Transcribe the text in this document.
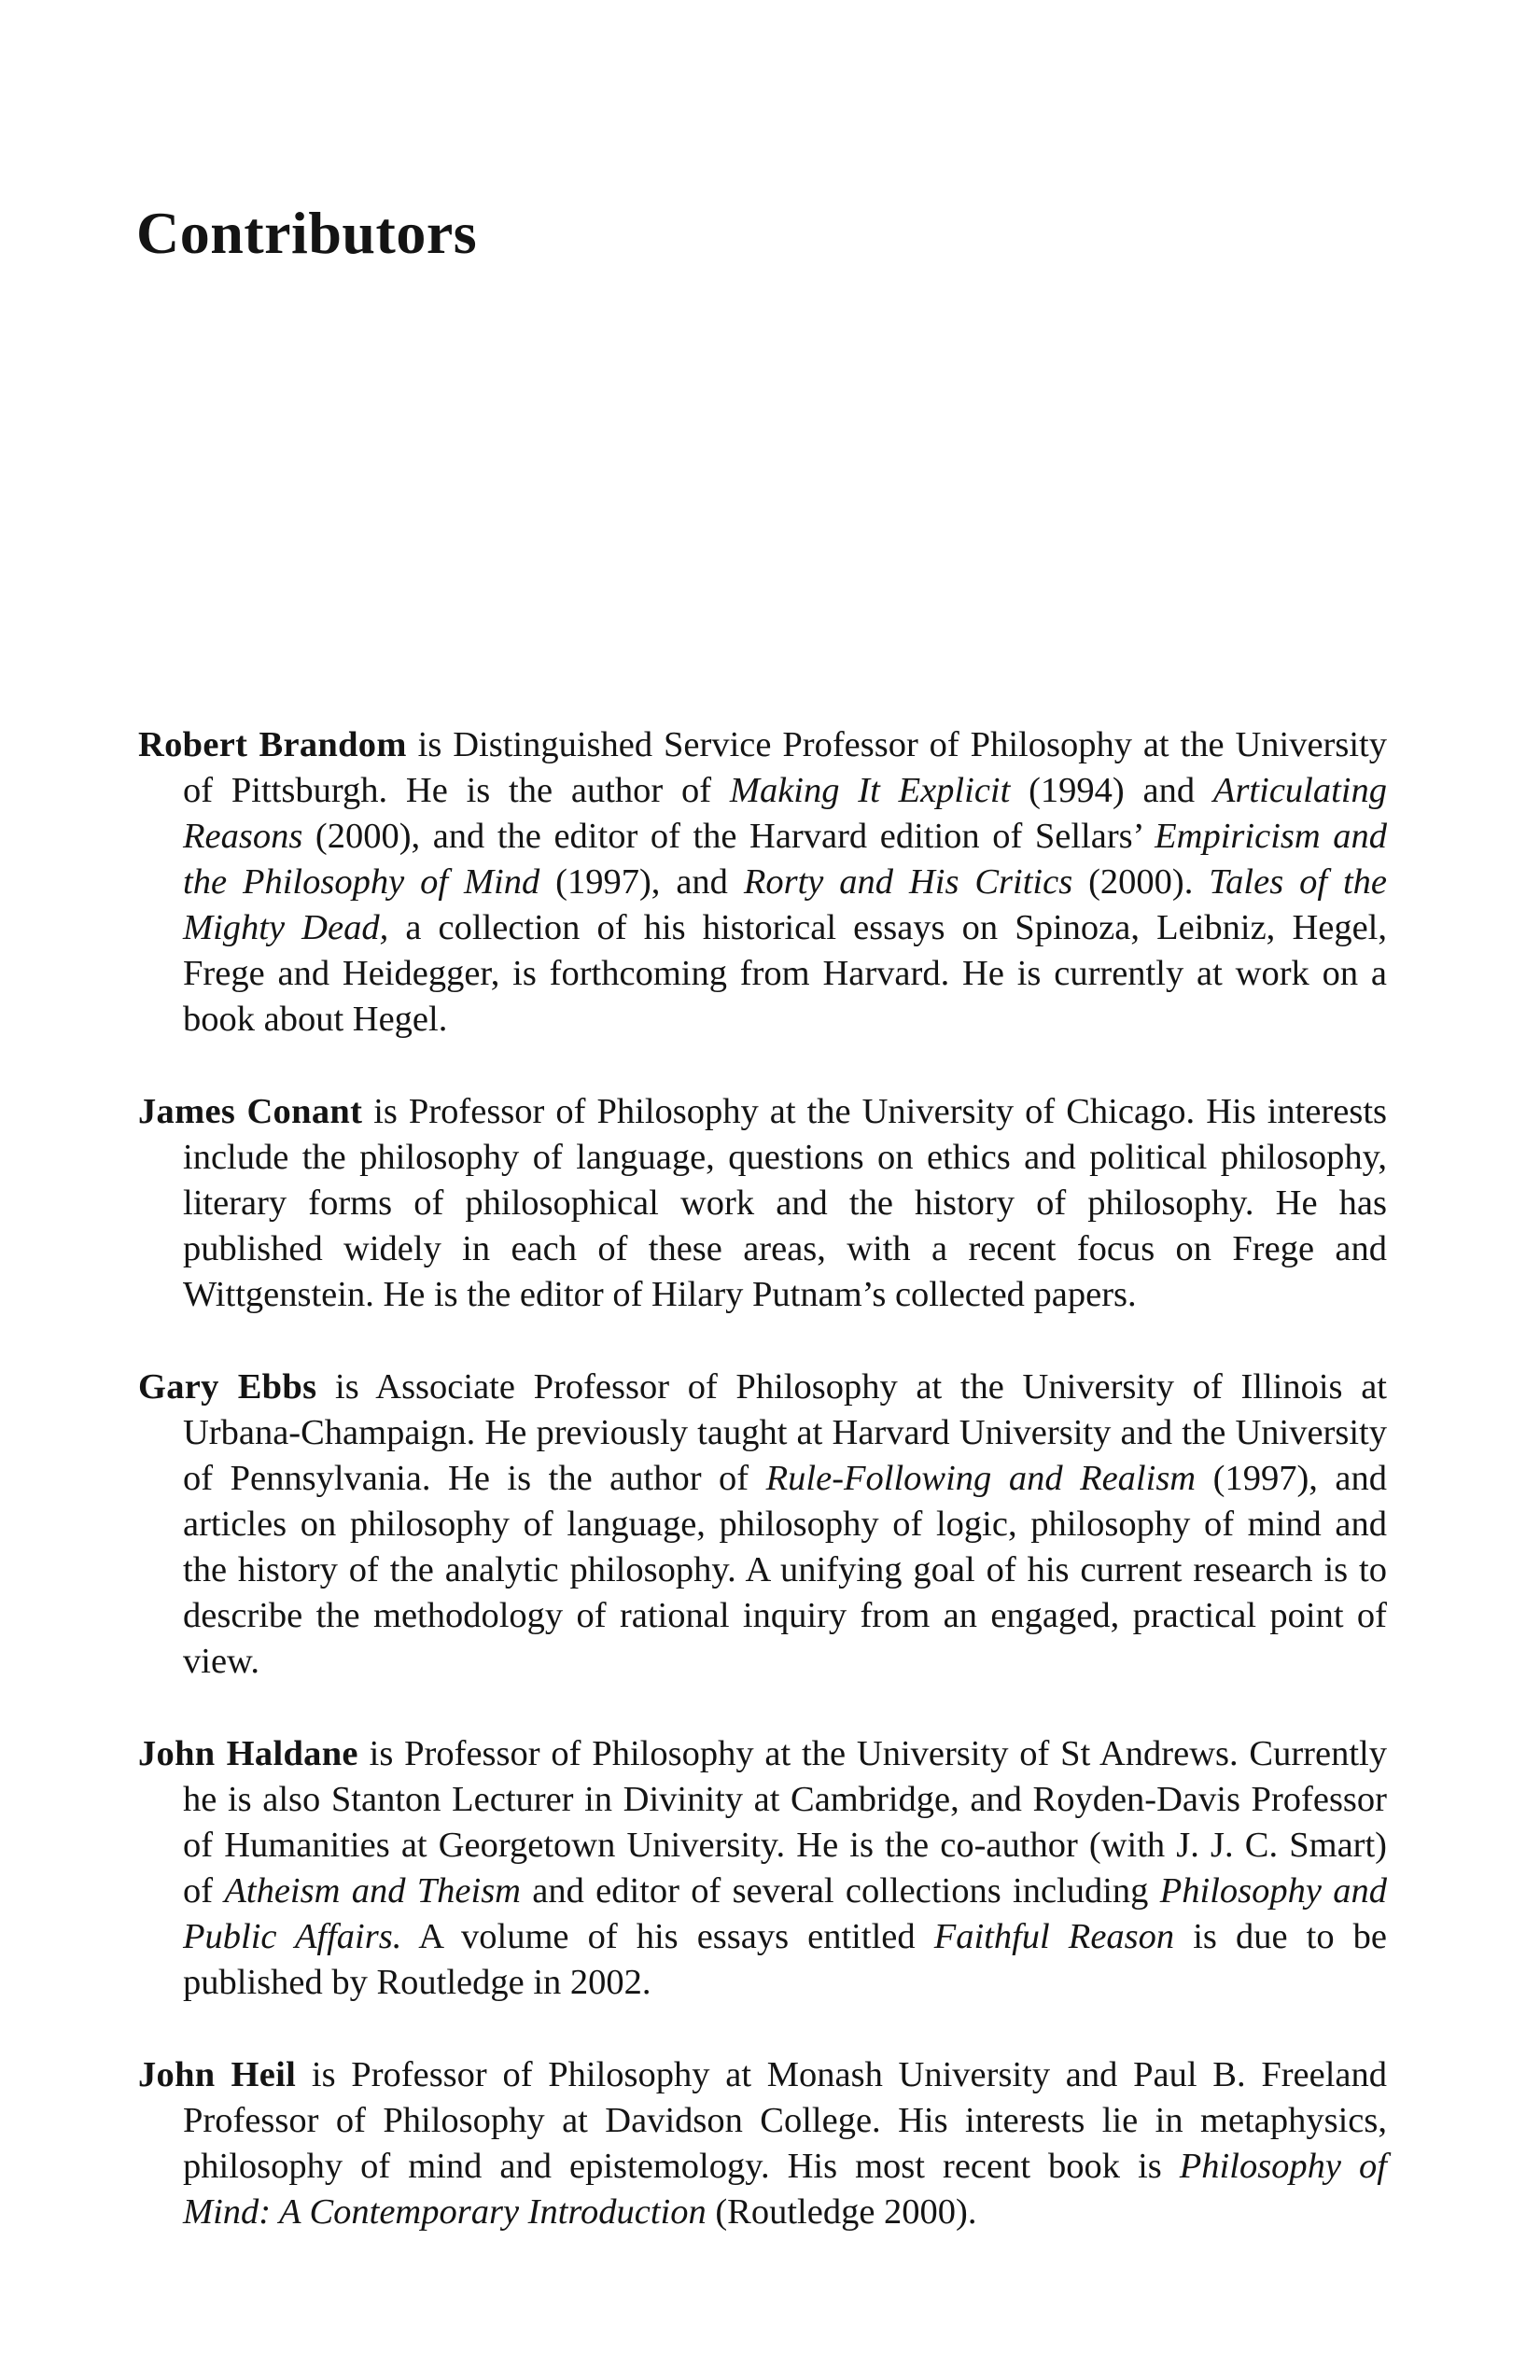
Contributors

Robert Brandom is Distinguished Service Professor of Philosophy at the University of Pittsburgh. He is the author of Making It Explicit (1994) and Articulating Reasons (2000), and the editor of the Harvard edition of Sellars’ Empiricism and the Philosophy of Mind (1997), and Rorty and His Critics (2000). Tales of the Mighty Dead, a collection of his historical essays on Spinoza, Leibniz, Hegel, Frege and Heidegger, is forthcoming from Harvard. He is currently at work on a book about Hegel.

James Conant is Professor of Philosophy at the University of Chicago. His interests include the philosophy of language, questions on ethics and political philosophy, literary forms of philosophical work and the history of philosophy. He has published widely in each of these areas, with a recent focus on Frege and Wittgenstein. He is the editor of Hilary Putnam’s collected papers.

Gary Ebbs is Associate Professor of Philosophy at the University of Illinois at Urbana-Champaign. He previously taught at Harvard University and the University of Pennsylvania. He is the author of Rule-Following and Realism (1997), and articles on philosophy of language, philosophy of logic, philosophy of mind and the history of the analytic philosophy. A unifying goal of his current research is to describe the methodology of rational inquiry from an engaged, practical point of view.

John Haldane is Professor of Philosophy at the University of St Andrews. Currently he is also Stanton Lecturer in Divinity at Cambridge, and Royden-Davis Professor of Humanities at Georgetown University. He is the co-author (with J. J. C. Smart) of Atheism and Theism and editor of several collections including Philosophy and Public Affairs. A volume of his essays entitled Faithful Reason is due to be published by Routledge in 2002.

John Heil is Professor of Philosophy at Monash University and Paul B. Freeland Professor of Philosophy at Davidson College. His interests lie in metaphysics, philosophy of mind and epistemology. His most recent book is Philosophy of Mind: A Contemporary Introduction (Routledge 2000).
